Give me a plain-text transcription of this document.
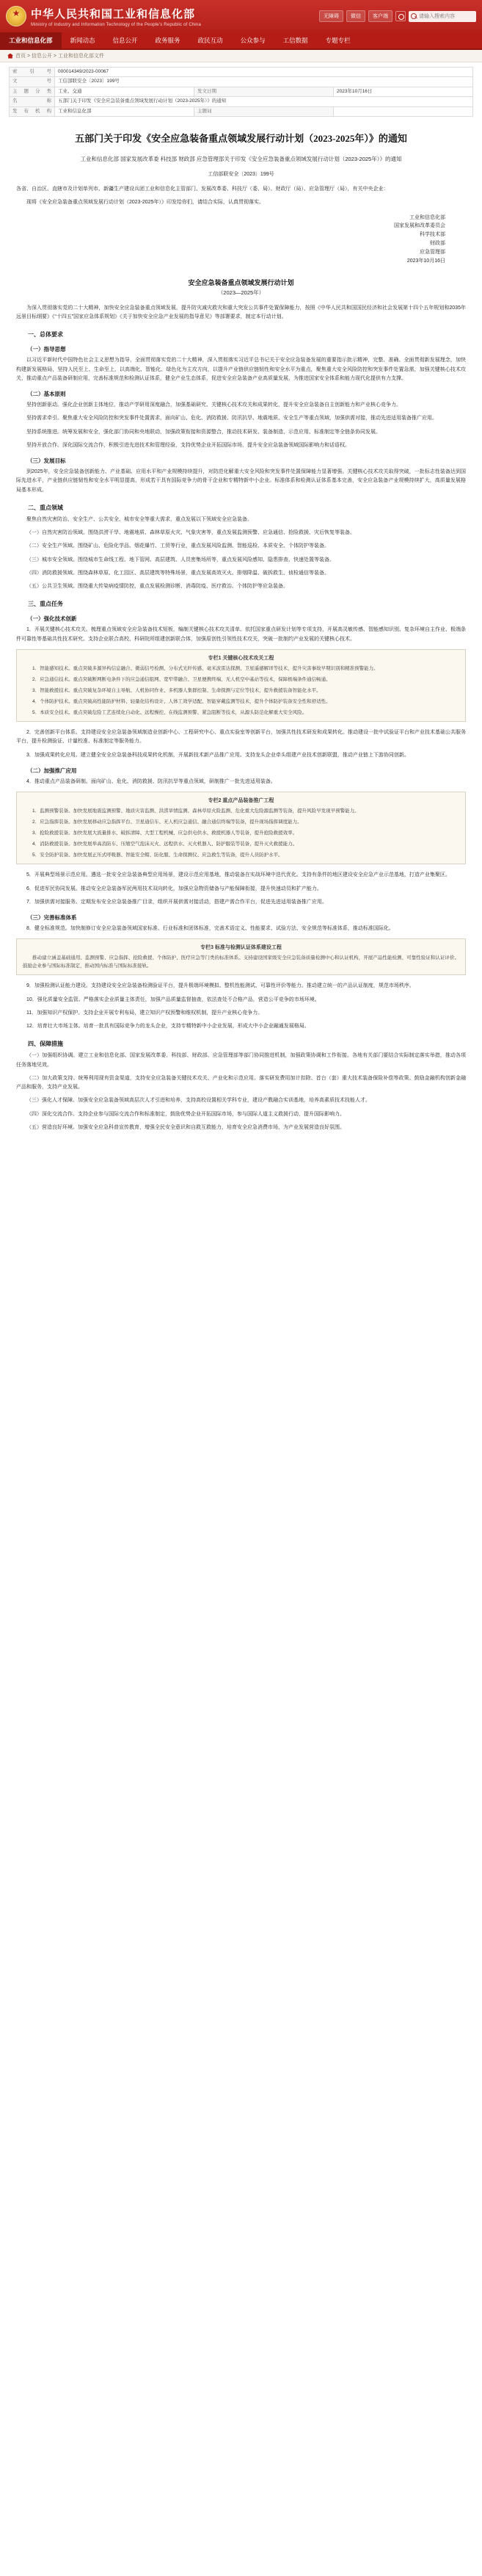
★
中华人民共和国工业和信息化部
Ministry of Industry and Information Technology of the People's Republic of China
无障碍	微信	客户端
请输入搜索内容
工业和信息化部	新闻动态	信息公开	政务服务	政民互动	公众参与	工信数据	专题专栏
首页 > 信息公开 > 工业和信息化部文件
索引号	000014349/2023-00067		
文 号	工信部联安全〔2023〕199号		
主题分类	工业、交通	发文日期	2023年10月16日
名 称	五部门关于印发《安全应急装备重点领域发展行动计划（2023-2025年）》的通知		
发布机构	工业和信息化部	主题词	
五部门关于印发《安全应急装备重点领域发展行动计划（2023-2025年）》的通知
工业和信息化部 国家发展改革委 科技部 财政部 应急管理部关于印发《安全应急装备重点领域发展行动计划（2023-2025年）》的通知
工信部联安全〔2023〕199号

各省、自治区、直辖市及计划单列市、新疆生产建设兵团工业和信息化主管部门、发展改革委、科技厅（委、局）、财政厅（局）、应急管理厅（局），有关中央企业：

现将《安全应急装备重点领域发展行动计划（2023-2025年）》印发给你们，请结合实际，认真贯彻落实。

工业和信息化部
国家发展和改革委员会
科学技术部
财政部
应急管理部
2023年10月16日
安全应急装备重点领域发展行动计划
（2023—2025年）

为深入贯彻落实党的二十大精神，加快安全应急装备重点领域发展，提升防灾减灾救灾和重大突发公共事件处置保障能力，按照《中华人民共和国国民经济和社会发展第十四个五年规划和2035年远景目标纲要》《“十四五”国家应急体系规划》《关于加快安全应急产业发展的指导意见》等部署要求，制定本行动计划。

一、总体要求
（一）指导思想

以习近平新时代中国特色社会主义思想为指导，全面贯彻落实党的二十大精神，深入贯彻落实习近平总书记关于安全应急装备发展的重要指示批示精神，完整、准确、全面贯彻新发展理念，加快构建新发展格局，坚持人民至上、生命至上，以高端化、智能化、绿色化为主攻方向，以提升产业链供应链韧性和安全水平为重点，聚焦重大安全风险防控和突发事件处置急需，加强关键核心技术攻关，推动重点产品装备研制应用，完善标准规范和检测认证体系，健全产业生态体系，促进安全应急装备产业高质量发展，为推进国家安全体系和能力现代化提供有力支撑。

（二）基本原则

坚持创新驱动。强化企业创新主体地位，推动产学研用深度融合，加强基础研究、关键核心技术攻关和成果转化，提升安全应急装备自主创新能力和产业核心竞争力。

坚持需求牵引。聚焦重大安全风险防控和突发事件处置需求，面向矿山、危化、消防救援、防汛抗旱、地震地质、安全生产等重点领域，加强供需对接，推动先进适用装备推广应用。

坚持系统推进。统筹发展和安全，强化部门协同和央地联动，加强政策衔接和资源整合，推动技术研发、装备制造、示范应用、标准制定等全链条协同发展。

坚持开放合作。深化国际交流合作，积极引进先进技术和管理经验，支持优势企业开拓国际市场，提升安全应急装备领域国际影响力和话语权。

（三）发展目标

到2025年，安全应急装备创新能力、产业基础、应用水平和产业规模持续提升，对防范化解重大安全风险和突发事件处置保障能力显著增强。关键核心技术攻关取得突破，一批标志性装备达到国际先进水平，产业链供应链韧性和安全水平明显提高，形成若干具有国际竞争力的骨干企业和专精特新中小企业。标准体系和检测认证体系基本完善，安全应急装备产业规模持续扩大，高质量发展格局基本形成。

二、重点领域

聚焦自然灾害防治、安全生产、公共安全、城市安全等重大需求，重点发展以下领域安全应急装备。

（一）自然灾害防治领域。围绕洪涝干旱、地震地质、森林草原火灾、气象灾害等，重点发展监测预警、应急通信、抢险救援、灾后恢复等装备。

（二）安全生产领域。围绕矿山、危险化学品、烟花爆竹、工贸等行业，重点发展风险监测、智能巡检、本质安全、个体防护等装备。

（三）城市安全领域。围绕城市生命线工程、地下管网、高层建筑、人员密集场所等，重点发展风险感知、隐患排查、快速处置等装备。

（四）消防救援领域。围绕森林草原、化工园区、高层建筑等特殊场景，重点发展高效灭火、排烟降温、破拆救生、侦检通信等装备。

（五）公共卫生领域。围绕重大传染病疫情防控，重点发展检测诊断、消毒防疫、医疗救治、个体防护等应急装备。

三、重点任务
（一）强化技术创新

1．开展关键核心技术攻关。梳理重点领域安全应急装备技术短板，编制关键核心技术攻关清单。依托国家重点研发计划等专项支持，开展高灵敏传感、智能感知识别、复杂环境自主作业、极端条件可靠性等基础共性技术研究。支持企业联合高校、科研院所组建创新联合体，加强原创性引领性技术攻关，突破一批制约产业发展的关键核心技术。

专栏1 关键核心技术攻关工程

1．智能感知技术。重点突破多源异构信息融合、微弱信号检测、分布式光纤传感、毫米波雷达探测、卫星遥感解译等技术，提升灾害事故早期识别和精准预警能力。

2．应急通信技术。重点突破断网断电条件下的应急通信组网、宽窄带融合、卫星便携终端、无人机空中基站等技术，保障极端条件通信畅通。

3．智能救援技术。重点突破复杂环境自主导航、人机协同作业、多机器人集群控制、生命探测与定位等技术，提升救援装备智能化水平。

4．个体防护技术。重点突破高性能防护材料、轻量化结构设计、人体工效学适配、智能穿戴监测等技术，提升个体防护装备安全性和舒适性。

5．本质安全技术。重点突破危险工艺连续化自动化、远程操控、在线监测预警、紧急阻断等技术，从源头防范化解重大安全风险。

2．完善创新平台体系。支持建设安全应急装备领域制造业创新中心、工程研究中心、重点实验室等创新平台，加强共性技术研发和成果转化。推动建设一批中试验证平台和产业技术基础公共服务平台，提升检测验证、计量校准、标准制定等服务能力。

3．加强成果转化应用。建立健全安全应急装备科技成果转化机制，开展新技术新产品推广应用。支持龙头企业牵头组建产业技术创新联盟，推动产业链上下游协同创新。

（二）加强推广应用

4．推动重点产品装备研制。面向矿山、危化、消防救援、防汛抗旱等重点领域，研制推广一批先进适用装备。

专栏2 重点产品装备推广工程

1．监测预警装备。加快发展地震监测预警、地质灾害监测、洪涝旱情监测、森林草原火险监测、危化重大危险源监测等装备，提升风险早发现早预警能力。

2．应急指挥装备。加快发展移动应急指挥平台、卫星通信车、无人机应急通信、融合通信终端等装备，提升现场指挥调度能力。

3．抢险救援装备。加快发展大流量排水、破拆清障、大型工程机械、应急供电供水、救援机器人等装备，提升抢险救援效率。

4．消防救援装备。加快发展举高消防车、压缩空气泡沫灭火、远程供水、灭火机器人、防护服装等装备，提升灭火救援能力。

5．安全防护装备。加快发展正压式呼吸器、智能安全帽、防化服、生命探测仪、应急救生等装备，提升人员防护水平。

5．开展典型场景示范应用。遴选一批安全应急装备典型应用场景，建设示范应用基地，推动装备在实战环境中迭代优化。支持有条件的地区建设安全应急产业示范基地，打造产业集聚区。

6．促进军民协同发展。推动安全应急装备军民两用技术双向转化，加强应急物资储备与产能保障衔接，提升快速动员和扩产能力。

7．加强供需对接服务。定期发布安全应急装备推广目录，组织开展供需对接活动，搭建产需合作平台，促进先进适用装备推广应用。

（三）完善标准体系

8．健全标准规范。加快制修订安全应急装备领域国家标准、行业标准和团体标准，完善术语定义、性能要求、试验方法、安全规范等标准体系，推动标准国际化。

专栏3 标准与检测认证体系建设工程

推动建立涵盖基础通用、监测预警、应急指挥、抢险救援、个体防护、医疗应急等门类的标准体系。支持建设国家级安全应急装备质量检测中心和认证机构，开展产品性能检测、可靠性验证和认证评价。鼓励企业参与国际标准制定，推动国内标准与国际标准接轨。

9．加强检测认证能力建设。支持建设安全应急装备检测验证平台，提升极端环境模拟、整机性能测试、可靠性评价等能力。推动建立统一的产品认证制度，规范市场秩序。

10．强化质量安全监管。严格落实企业质量主体责任，加强产品质量监督抽查，依法查处不合格产品，营造公平竞争的市场环境。

11．加强知识产权保护。支持企业开展专利布局，建立知识产权预警和维权机制，提升产业核心竞争力。

12．培育壮大市场主体。培育一批具有国际竞争力的龙头企业，支持专精特新中小企业发展，形成大中小企业融通发展格局。

四、保障措施

（一）加强组织协调。建立工业和信息化部、国家发展改革委、科技部、财政部、应急管理部等部门协同推进机制，加强政策协调和工作衔接。各地有关部门要结合实际制定落实举措，推动各项任务落地见效。

（二）加大政策支持。统筹利用现有资金渠道，支持安全应急装备关键技术攻关、产业化和示范应用。落实研发费用加计扣除、首台（套）重大技术装备保险补偿等政策。鼓励金融机构创新金融产品和服务，支持产业发展。

（三）强化人才保障。加强安全应急装备领域高层次人才引进和培养，支持高校设置相关学科专业，建设产教融合实训基地，培养高素质技术技能人才。

（四）深化交流合作。支持企业参与国际交流合作和标准制定，鼓励优势企业开拓国际市场，参与国际人道主义救援行动，提升国际影响力。

（五）营造良好环境。加强安全应急科普宣传教育，增强全民安全意识和自救互救能力，培育安全应急消费市场，为产业发展营造良好氛围。
